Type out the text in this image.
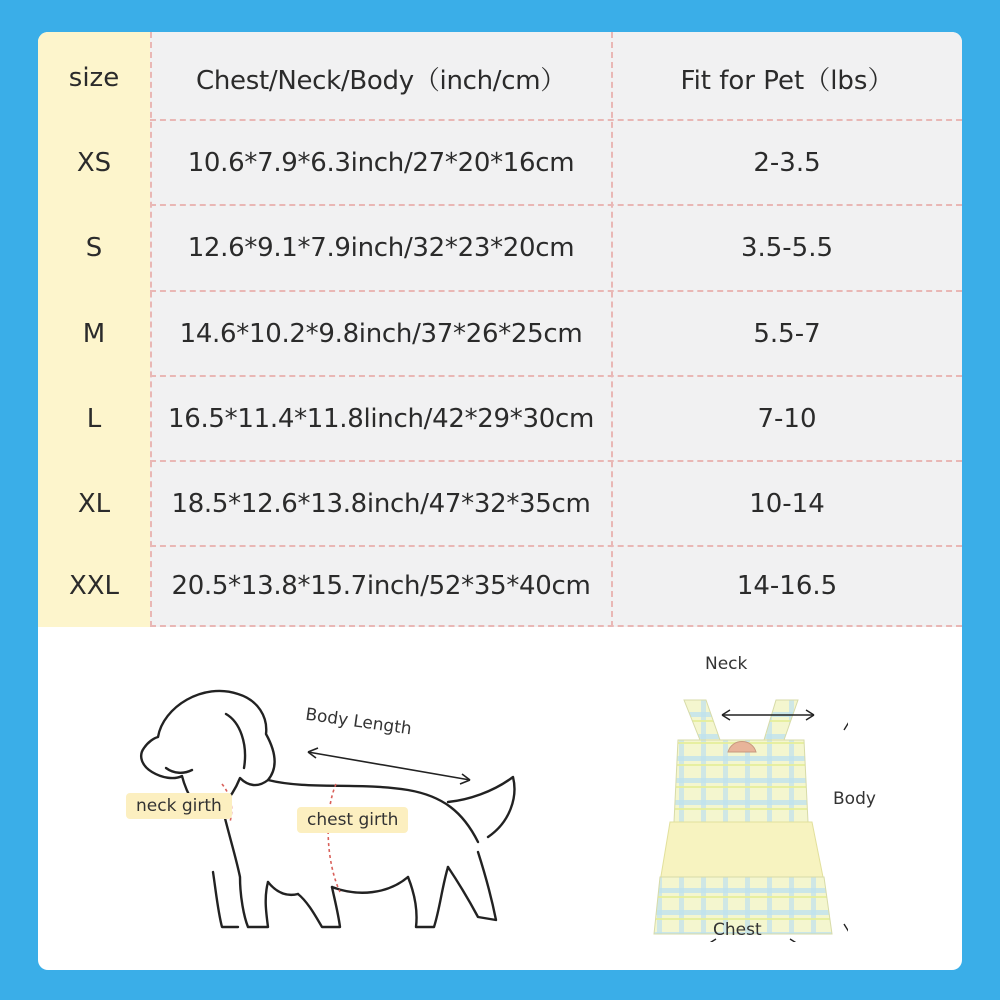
size	Chest/Neck/Body（inch/cm）	Fit for Pet（lbs）
XS	10.6*7.9*6.3inch/27*20*16cm	2-3.5
S	12.6*9.1*7.9inch/32*23*20cm	3.5-5.5
M	14.6*10.2*9.8inch/37*26*25cm	5.5-7
L	16.5*11.4*11.8linch/42*29*30cm	7-10
XL	18.5*12.6*13.8inch/47*32*35cm	10-14
XXL	20.5*13.8*15.7inch/52*35*40cm	14-16.5
Body Length
neck girth
chest girth
Neck
Body
Chest
